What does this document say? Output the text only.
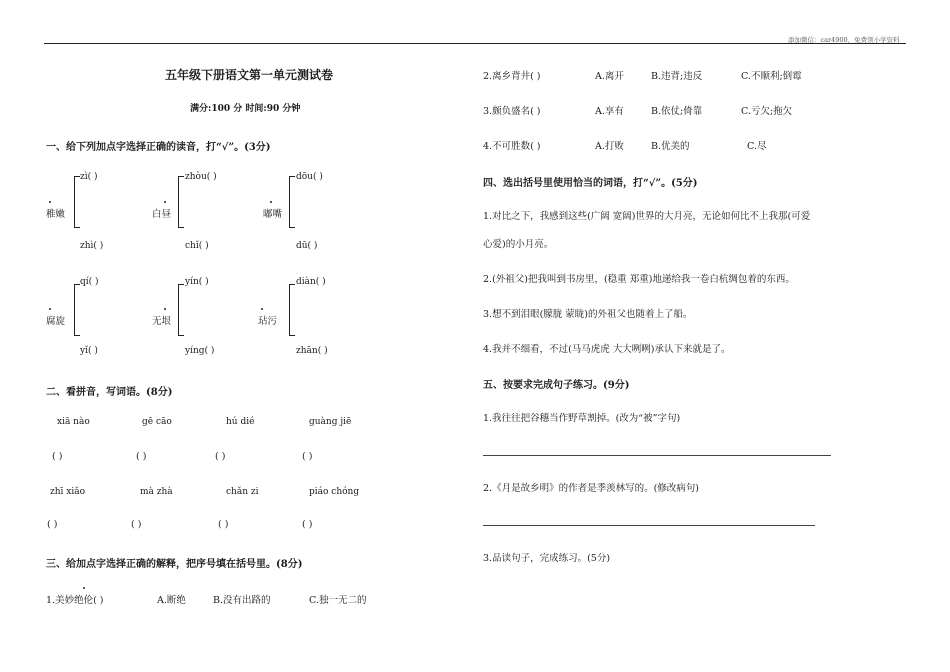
添加微信：car4900，免费领小学资料
五年级下册语文第一单元测试卷
满分:100 分 时间:90 分钟
一、给下列加点字选择正确的读音，打“√”。(3分)
zì( )
稚嫩
zhì( )
zhòu( )
白昼
chǐ( )
dōu( )
嘟嘴
dū( )
qí( )
腐旋
yǐ( )
yín( )
无垠
yíng( )
diàn( )
玷污
zhān( )
二、看拼音，写词语。(8分)
xiā nào	gē cāo	hú dié	guàng jiē
( )	( )	( )	( )
zhī xiǎo	mà zhà	chǎn zi	piáo chóng
( )	( )	( )	( )
三、给加点字选择正确的解释，把序号填在括号里。(8分)
1.美妙绝伦( )	A.断绝	B.没有出路的	C.独一无二的
2.离乡背井( )	A.离开	B.违背;违反	C.不顺利;倒霉
3.颇负盛名( )	A.享有	B.依仗;倚靠	C.亏欠;拖欠
4.不可胜数( )	A.打败	B.优美的	C.尽
四、选出括号里使用恰当的词语，打“√”。(5分)
1.对比之下，我感到这些(广阔 宽阔)世界的大月亮，无论如何比不上我那(可爱
心爱)的小月亮。
2.(外祖父)把我叫到书房里，(稳重 郑重)地递给我一卷白杭绸包着的东西。
3.想不到泪眼(朦胧 蒙眬)的外祖父也随着上了船。
4.我并不细看，不过(马马虎虎 大大咧咧)承认下来就是了。
五、按要求完成句子练习。(9分)
1.我往往把谷穗当作野草割掉。(改为“被”字句)
2.《月是故乡明》的作者是季羡林写的。(修改病句)
3.品读句子，完成练习。(5分)
